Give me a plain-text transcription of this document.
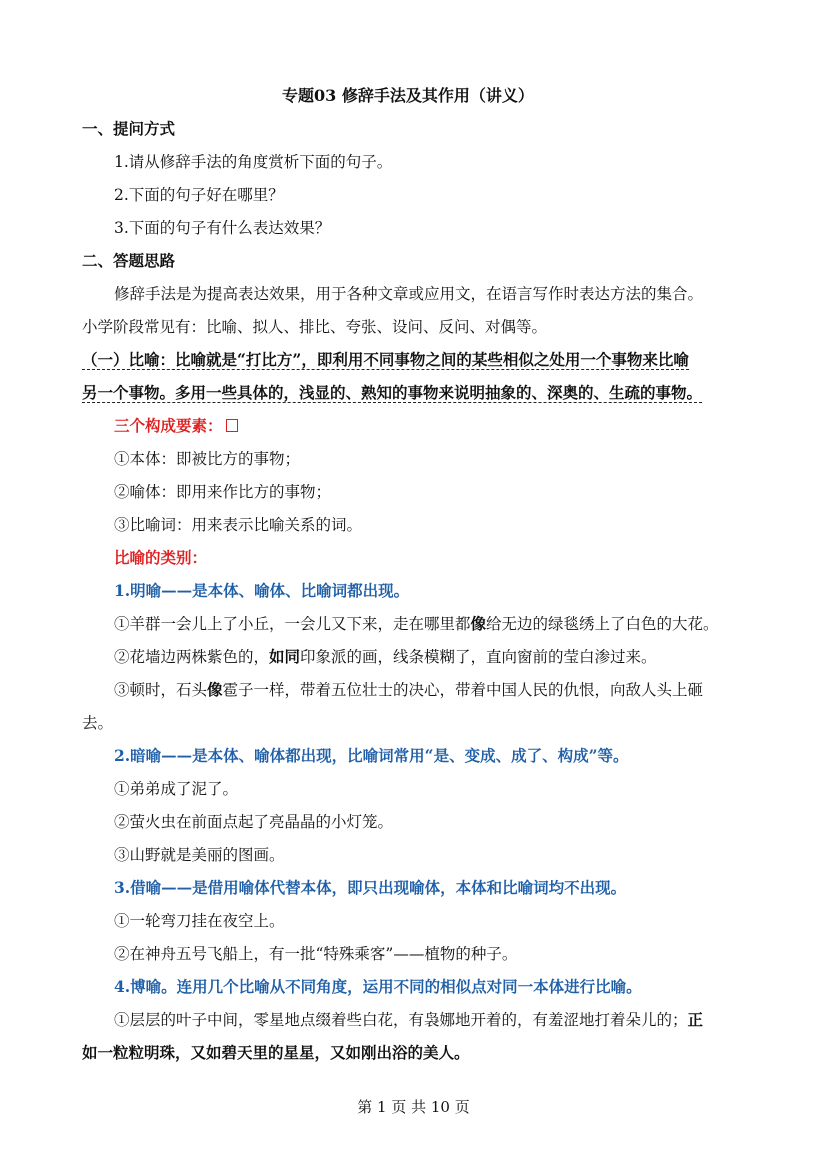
专题03 修辞手法及其作用（讲义）
一、提问方式
1.请从修辞手法的角度赏析下面的句子。
2.下面的句子好在哪里？
3.下面的句子有什么表达效果？
二、答题思路
修辞手法是为提高表达效果，用于各种文章或应用文，在语言写作时表达方法的集合。
小学阶段常见有：比喻、拟人、排比、夸张、设问、反问、对偶等。
（一）比喻：比喻就是“打比方”，即利用不同事物之间的某些相似之处用一个事物来比喻
另一个事物。多用一些具体的，浅显的、熟知的事物来说明抽象的、深奥的、生疏的事物。
三个构成要素：
①本体：即被比方的事物；
②喻体：即用来作比方的事物；
③比喻词：用来表示比喻关系的词。
比喻的类别：
1.明喻——是本体、喻体、比喻词都出现。
①羊群一会儿上了小丘，一会儿又下来，走在哪里都像给无边的绿毯绣上了白色的大花。
②花墙边两株紫色的，如同印象派的画，线条模糊了，直向窗前的莹白渗过来。
③顿时，石头像雹子一样，带着五位壮士的决心，带着中国人民的仇恨，向敌人头上砸
去。
2.暗喻——是本体、喻体都出现，比喻词常用“是、变成、成了、构成”等。
①弟弟成了泥了。
②萤火虫在前面点起了亮晶晶的小灯笼。
③山野就是美丽的图画。
3.借喻——是借用喻体代替本体，即只出现喻体，本体和比喻词均不出现。
①一轮弯刀挂在夜空上。
②在神舟五号飞船上，有一批“特殊乘客”——植物的种子。
4.博喻。连用几个比喻从不同角度，运用不同的相似点对同一本体进行比喻。
①层层的叶子中间，零星地点缀着些白花，有袅娜地开着的，有羞涩地打着朵儿的；正
如一粒粒明珠，又如碧天里的星星，又如刚出浴的美人。
第 1 页 共 10 页
